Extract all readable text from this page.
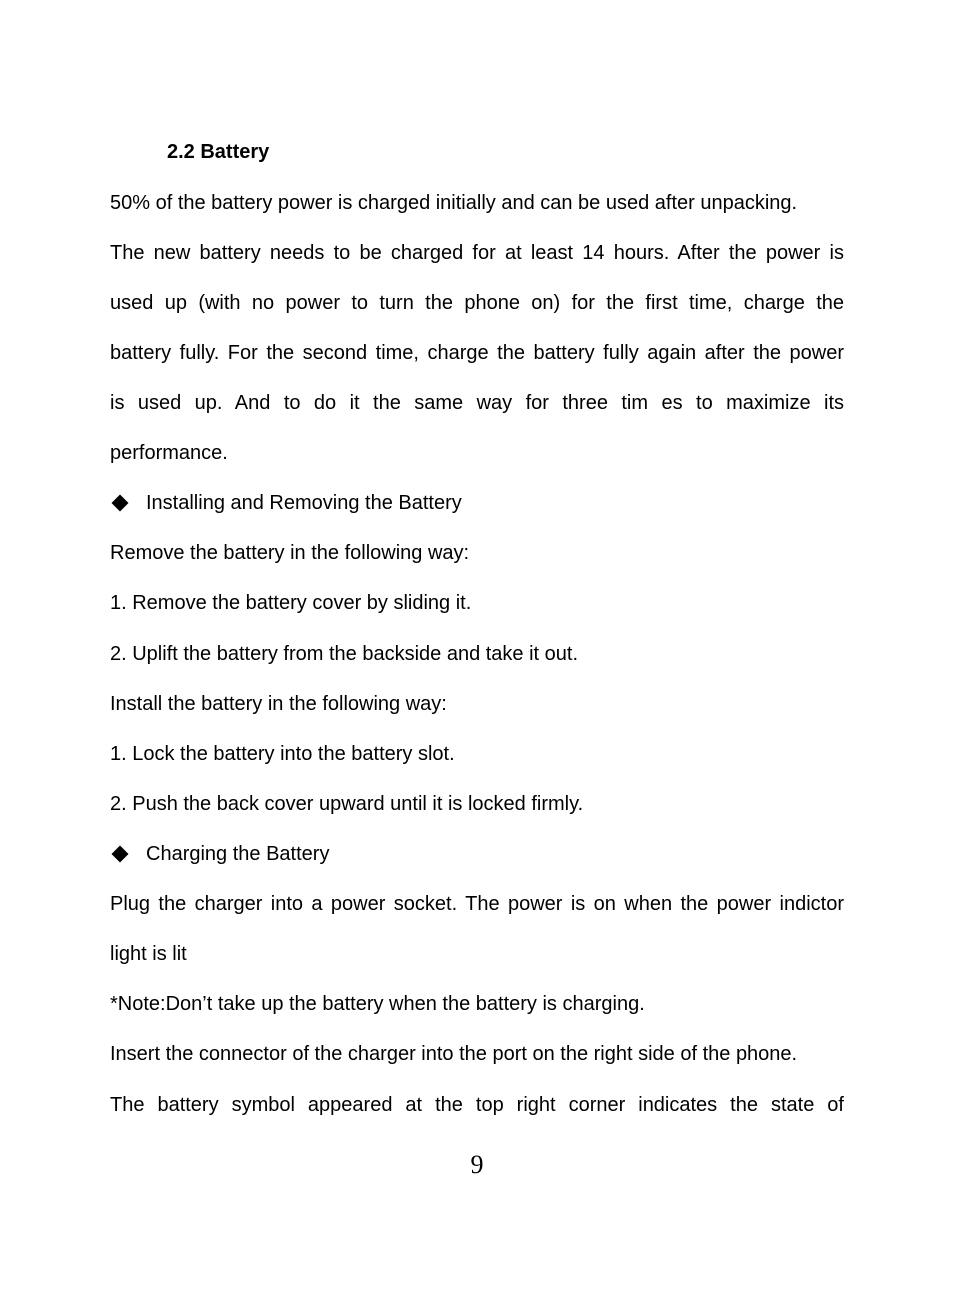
2.2 Battery
50% of the battery power is charged initially and can be used after unpacking.
The new battery needs to be charged for at least 14 hours. After the power is
used up (with no power to turn the phone on) for the first time, charge the
battery fully. For the second time, charge the battery fully again after the power
is used up. And to do it the same way for three tim es to maximize its
performance.
Installing and Removing the Battery
Remove the battery in the following way:
1. Remove the battery cover by sliding it.
2. Uplift the battery from the backside and take it out.
Install the battery in the following way:
1. Lock the battery into the battery slot.
2. Push the back cover upward until it is locked firmly.
Charging the Battery
Plug the charger into a power socket. The power is on when the power indictor
light is lit
*Note:Don’t take up the battery when the battery is charging.
Insert the connector of the charger into the port on the right side of the phone.
The battery symbol appeared at the top right corner indicates the state of
9
